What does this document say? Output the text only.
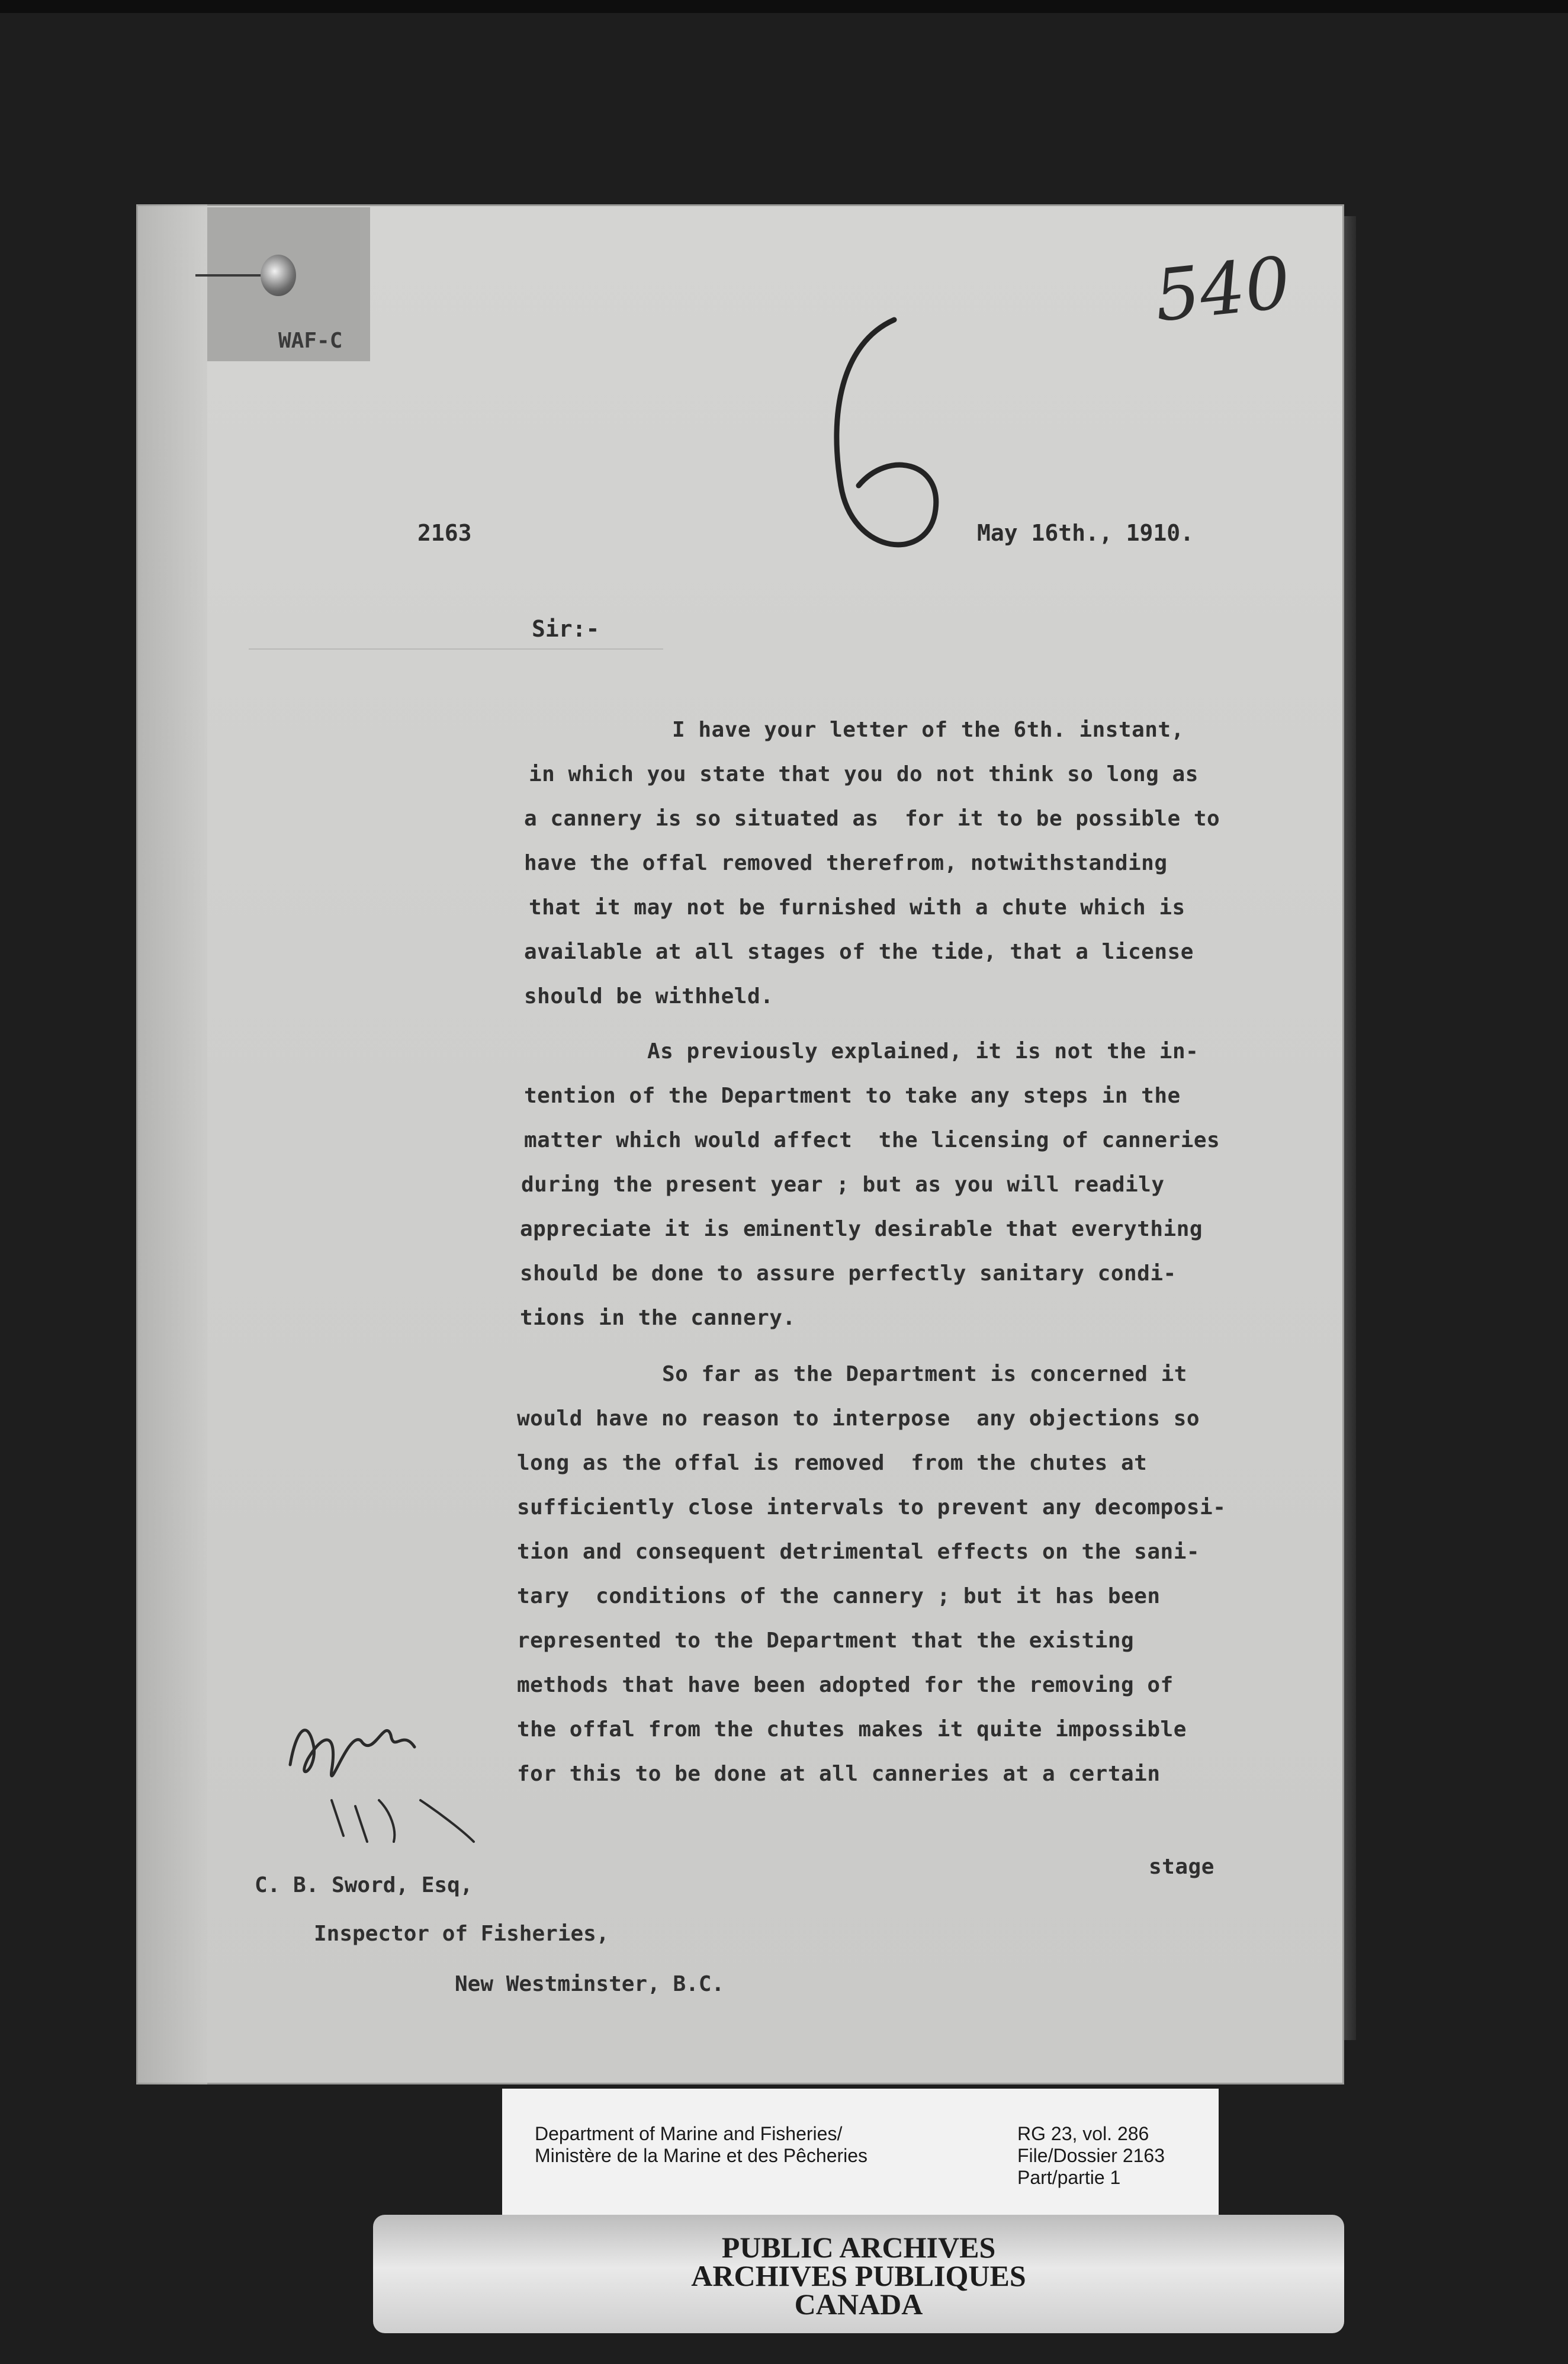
WAF-C
540
2163	May 16th., 1910.
Sir:-
I have your letter of the 6th. instant,
in which you state that you do not think so long as
a cannery is so situated as  for it to be possible to
have the offal removed therefrom, notwithstanding
that it may not be furnished with a chute which is
available at all stages of the tide, that a license
should be withheld.
As previously explained, it is not the in-
tention of the Department to take any steps in the
matter which would affect  the licensing of canneries
during the present year ; but as you will readily
appreciate it is eminently desirable that everything
should be done to assure perfectly sanitary condi-
tions in the cannery.
So far as the Department is concerned it
would have no reason to interpose  any objections so
long as the offal is removed  from the chutes at
sufficiently close intervals to prevent any decomposi-
tion and consequent detrimental effects on the sani-
tary  conditions of the cannery ; but it has been
represented to the Department that the existing
methods that have been adopted for the removing of
the offal from the chutes makes it quite impossible
for this to be done at all canneries at a certain
stage
C. B. Sword, Esq,
Inspector of Fisheries,
New Westminster, B.C.
Department of Marine and Fisheries/
Ministère de la Marine et des Pêcheries
RG 23, vol. 286
File/Dossier 2163
Part/partie 1
PUBLIC ARCHIVES
ARCHIVES PUBLIQUES
CANADA
